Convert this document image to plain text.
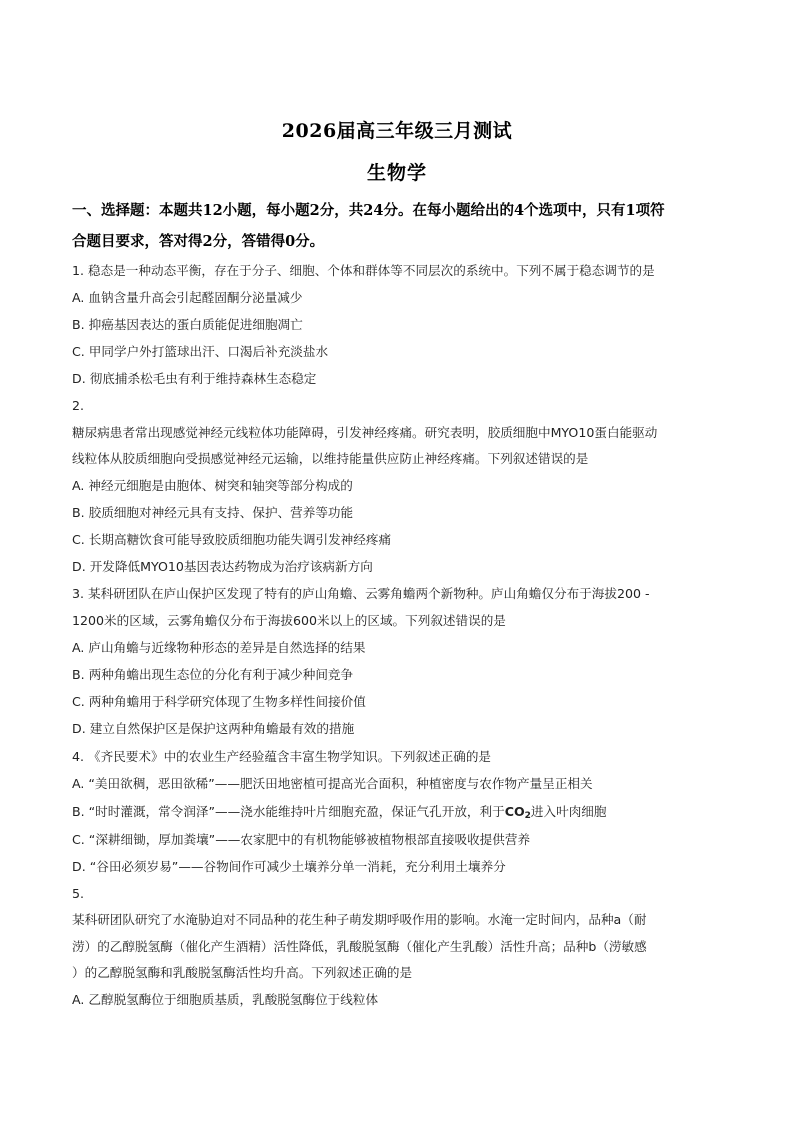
2026届高三年级三月测试
生物学
一、选择题：本题共12小题，每小题2分，共24分。在每小题给出的4个选项中，只有1项符
合题目要求，答对得2分，答错得0分。
1. 稳态是一种动态平衡，存在于分子、细胞、个体和群体等不同层次的系统中。下列不属于稳态调节的是
A. 血钠含量升高会引起醛固酮分泌量减少
B. 抑癌基因表达的蛋白质能促进细胞凋亡
C. 甲同学户外打篮球出汗、口渴后补充淡盐水
D. 彻底捕杀松毛虫有利于维持森林生态稳定
2.
糖尿病患者常出现感觉神经元线粒体功能障碍，引发神经疼痛。研究表明，胶质细胞中MYO10蛋白能驱动
线粒体从胶质细胞向受损感觉神经元运输，以维持能量供应防止神经疼痛。下列叙述错误的是
A. 神经元细胞是由胞体、树突和轴突等部分构成的
B. 胶质细胞对神经元具有支持、保护、营养等功能
C. 长期高糖饮食可能导致胶质细胞功能失调引发神经疼痛
D. 开发降低MYO10基因表达药物成为治疗该病新方向
3. 某科研团队在庐山保护区发现了特有的庐山角蟾、云雾角蟾两个新物种。庐山角蟾仅分布于海拔200 -
1200米的区域，云雾角蟾仅分布于海拔600米以上的区域。下列叙述错误的是
A. 庐山角蟾与近缘物种形态的差异是自然选择的结果
B. 两种角蟾出现生态位的分化有利于减少种间竞争
C. 两种角蟾用于科学研究体现了生物多样性间接价值
D. 建立自然保护区是保护这两种角蟾最有效的措施
4. 《齐民要术》中的农业生产经验蕴含丰富生物学知识。下列叙述正确的是
A. “美田欲稠，恶田欲稀”——肥沃田地密植可提高光合面积，种植密度与农作物产量呈正相关
B. “时时灌溉，常令润泽”——浇水能维持叶片细胞充盈，保证气孔开放，利于$CO_2$进入叶肉细胞
C. “深耕细锄，厚加粪壤”——农家肥中的有机物能够被植物根部直接吸收提供营养
D. “谷田必须岁易”——谷物间作可减少土壤养分单一消耗，充分利用土壤养分
5.
某科研团队研究了水淹胁迫对不同品种的花生种子萌发期呼吸作用的影响。水淹一定时间内，品种a（耐
涝）的乙醇脱氢酶（催化产生酒精）活性降低，乳酸脱氢酶（催化产生乳酸）活性升高；品种b（涝敏感
）的乙醇脱氢酶和乳酸脱氢酶活性均升高。下列叙述正确的是
A. 乙醇脱氢酶位于细胞质基质，乳酸脱氢酶位于线粒体
